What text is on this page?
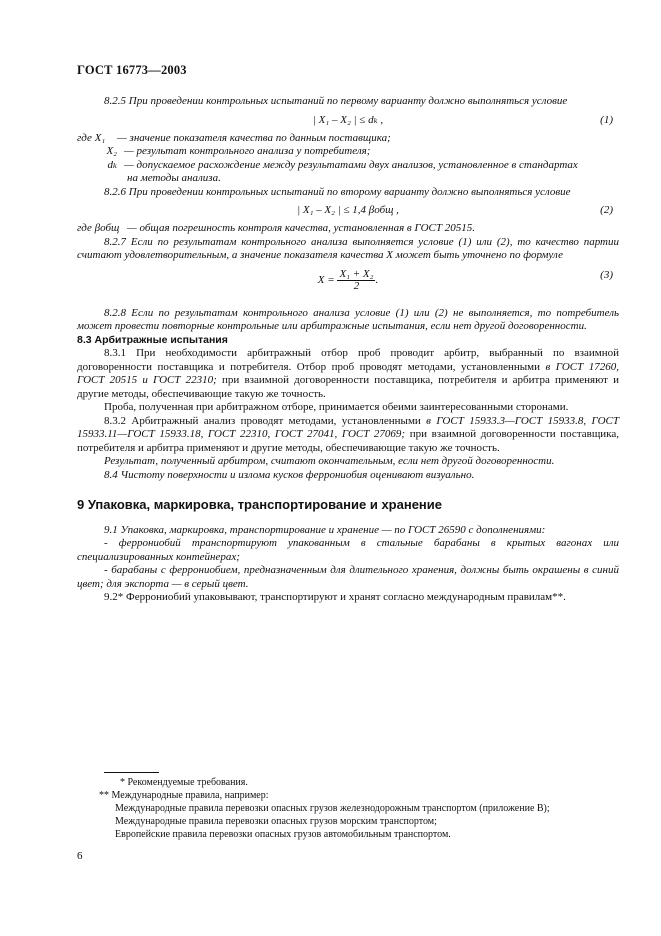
ГОСТ 16773—2003

8.2.5 При проведении контрольных испытаний по первому варианту должно выполняться условие

| X₁ – X₂ | ≤ dₖ ,	(1)
где X₁	— значение показателя качества по данным поставщика;
X₂ — результат контрольного анализа у потребителя;
dₖ — допускаемое расхождение между результатами двух анализов, установленное в стандартах
на методы анализа.

8.2.6 При проведении контрольных испытаний по второму варианту должно выполняться условие

| X₁ – X₂ | ≤ 1,4 βобщ ,	(2)
где βобщ — общая погрешность контроля качества, установленная в ГОСТ 20515.

8.2.7 Если по результатам контрольного анализа выполняется условие (1) или (2), то качество партии считают удовлетворительным, а значение показателя качества X может быть уточнено по формуле

$X = \frac{\text{X₁ + X₂}}{2}$ .	(3)

8.2.8 Если по результатам контрольного анализа условие (1) или (2) не выполняется, то потребитель может провести повторные контрольные или арбитражные испытания, если нет другой договоренности.

8.3 Арбитражные испытания

8.3.1 При необходимости арбитражный отбор проб проводит арбитр, выбранный по взаимной договоренности поставщика и потребителя. Отбор проб проводят методами, установленными в ГОСТ 17260, ГОСТ 20515 и ГОСТ 22310; при взаимной договоренности поставщика, потребителя и арбитра применяют и другие методы, обеспечивающие такую же точность.

Проба, полученная при арбитражном отборе, принимается обеими заинтересованными сторонами.

8.3.2 Арбитражный анализ проводят методами, установленными в ГОСТ 15933.3—ГОСТ 15933.8, ГОСТ 15933.11—ГОСТ 15933.18, ГОСТ 22310, ГОСТ 27041, ГОСТ 27069; при взаимной договоренности поставщика, потребителя и арбитра применяют и другие методы, обеспечивающие такую же точность.

Результат, полученный арбитром, считают окончательным, если нет другой договоренности.

8.4 Чистоту поверхности и излома кусков феррониобия оценивают визуально.

9 Упаковка, маркировка, транспортирование и хранение

9.1 Упаковка, маркировка, транспортирование и хранение — по ГОСТ 26590 с дополнениями:

- феррониобий транспортируют упакованным в стальные барабаны в крытых вагонах или специализированных контейнерах;

- барабаны с феррониобием, предназначенным для длительного хранения, должны быть окрашены в синий цвет; для экспорта — в серый цвет.

9.2* Феррониобий упаковывают, транспортируют и хранят согласно международным правилам**.

* Рекомендуемые требования.
** Международные правила, например:
Международные правила перевозки опасных грузов железнодорожным транспортом (приложение В);
Международные правила перевозки опасных грузов морским транспортом;
Европейские правила перевозки опасных грузов автомобильным транспортом.
6
